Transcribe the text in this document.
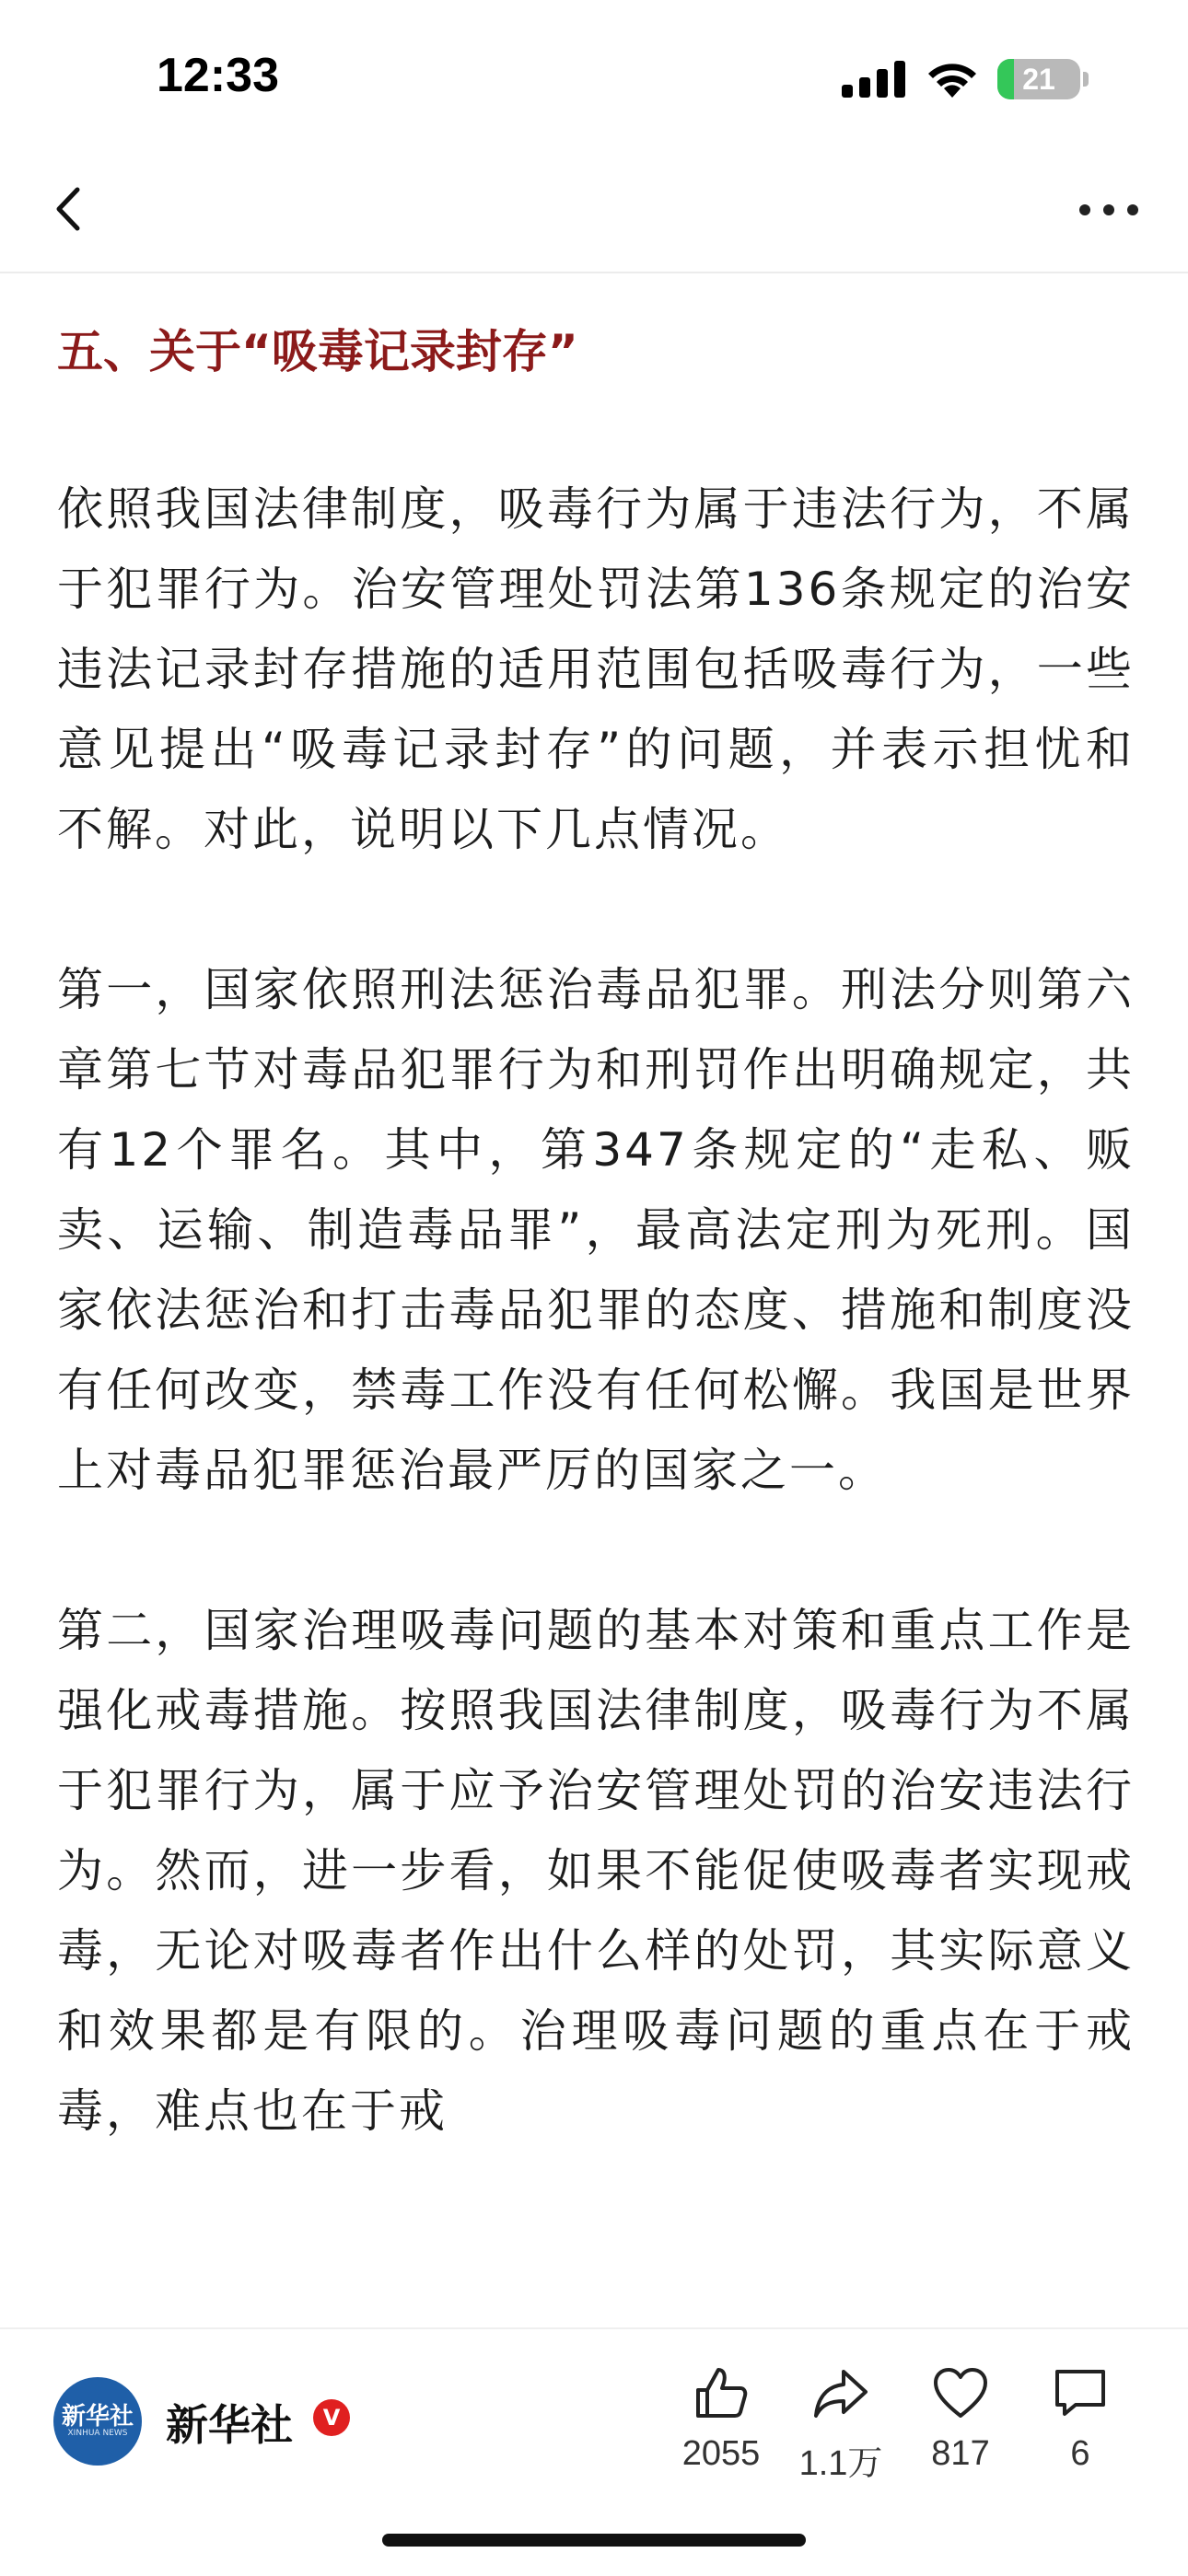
12:33	21
五、关于“吸毒记录封存”

依照我国法律制度，吸毒行为属于违法行为，不属于犯罪行为。治安管理处罚法第136条规定的治安违法记录封存措施的适用范围包括吸毒行为，一些意见提出“吸毒记录封存”的问题，并表示担忧和不解。对此，说明以下几点情况。

第一，国家依照刑法惩治毒品犯罪。刑法分则第六章第七节对毒品犯罪行为和刑罚作出明确规定，共有12个罪名。其中，第347条规定的“走私、贩卖、运输、制造毒品罪”，最高法定刑为死刑。国家依法惩治和打击毒品犯罪的态度、措施和制度没有任何改变，禁毒工作没有任何松懈。我国是世界上对毒品犯罪惩治最严厉的国家之一。

第二，国家治理吸毒问题的基本对策和重点工作是强化戒毒措施。按照我国法律制度，吸毒行为不属于犯罪行为，属于应予治安管理处罚的治安违法行为。然而，进一步看，如果不能促使吸毒者实现戒毒，无论对吸毒者作出什么样的处罚，其实际意义和效果都是有限的。治理吸毒问题的重点在于戒毒，难点也在于戒

新华社
XINHUA NEWS 新华社	V
2055	1.1万	817	6
